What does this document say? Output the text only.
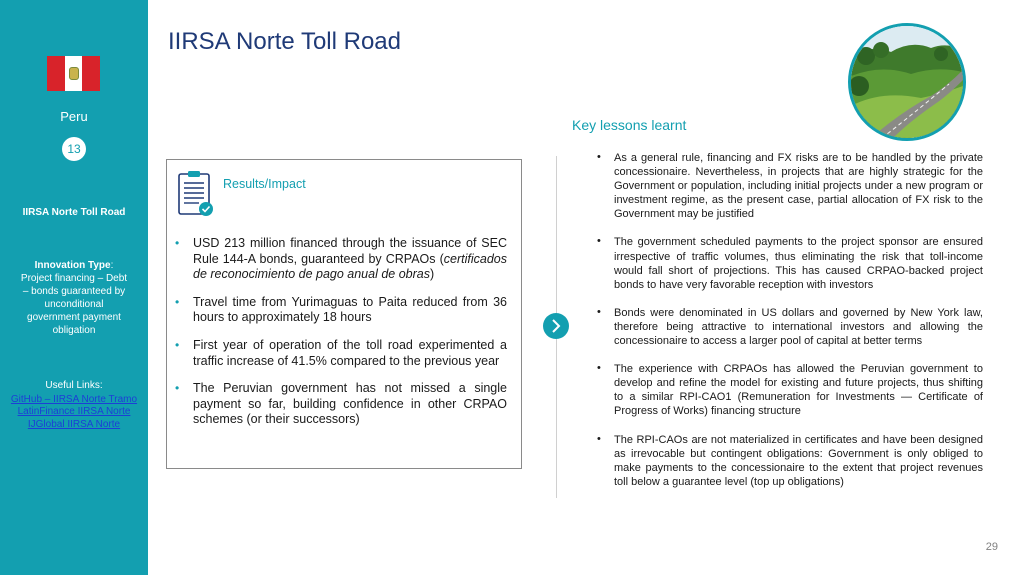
Peru
13
IIRSA Norte Toll Road
Innovation Type:
Project financing – Debt – bonds guaranteed by unconditional government payment obligation
Useful Links:
GitHub – IIRSA Norte Tramo
LatinFinance IIRSA Norte
IJGlobal IIRSA Norte
IIRSA Norte Toll Road
Results/Impact
• USD 213 million financed through the issuance of SEC Rule 144-A bonds, guaranteed by CRPAOs (certificados de reconocimiento de pago anual de obras)
• Travel time from Yurimaguas to Paita reduced from 36 hours to approximately 18 hours
• First year of operation of the toll road experimented a traffic increase of 41.5% compared to the previous year
• The Peruvian government has not missed a single payment so far, building confidence in other CRPAO schemes (or their successors)
Key lessons learnt
• As a general rule, financing and FX risks are to be handled by the private concessionaire. Nevertheless, in projects that are highly strategic for the Government or population, including initial projects under a new program or investment regime, as the present case, partial allocation of FX risk to the Government may be justified
• The government scheduled payments to the project sponsor are ensured irrespective of traffic volumes, thus eliminating the risk that toll-income would fall short of projections. This has caused CRPAO-backed project bonds to have very favorable reception with investors
• Bonds were denominated in US dollars and governed by New York law, therefore being attractive to international investors and allowing the concessionaire to access a larger pool of capital at better terms
• The experience with CRPAOs has allowed the Peruvian government to develop and refine the model for existing and future projects, thus shifting to a similar RPI-CAO1 (Remuneration for Investments — Certificate of Progress of Works) financing structure
• The RPI-CAOs are not materialized in certificates and have been designed as irrevocable but contingent obligations: Government is only obliged to make payments to the concessionaire to the extent that project revenues toll below a guarantee level (top up obligations)
29
